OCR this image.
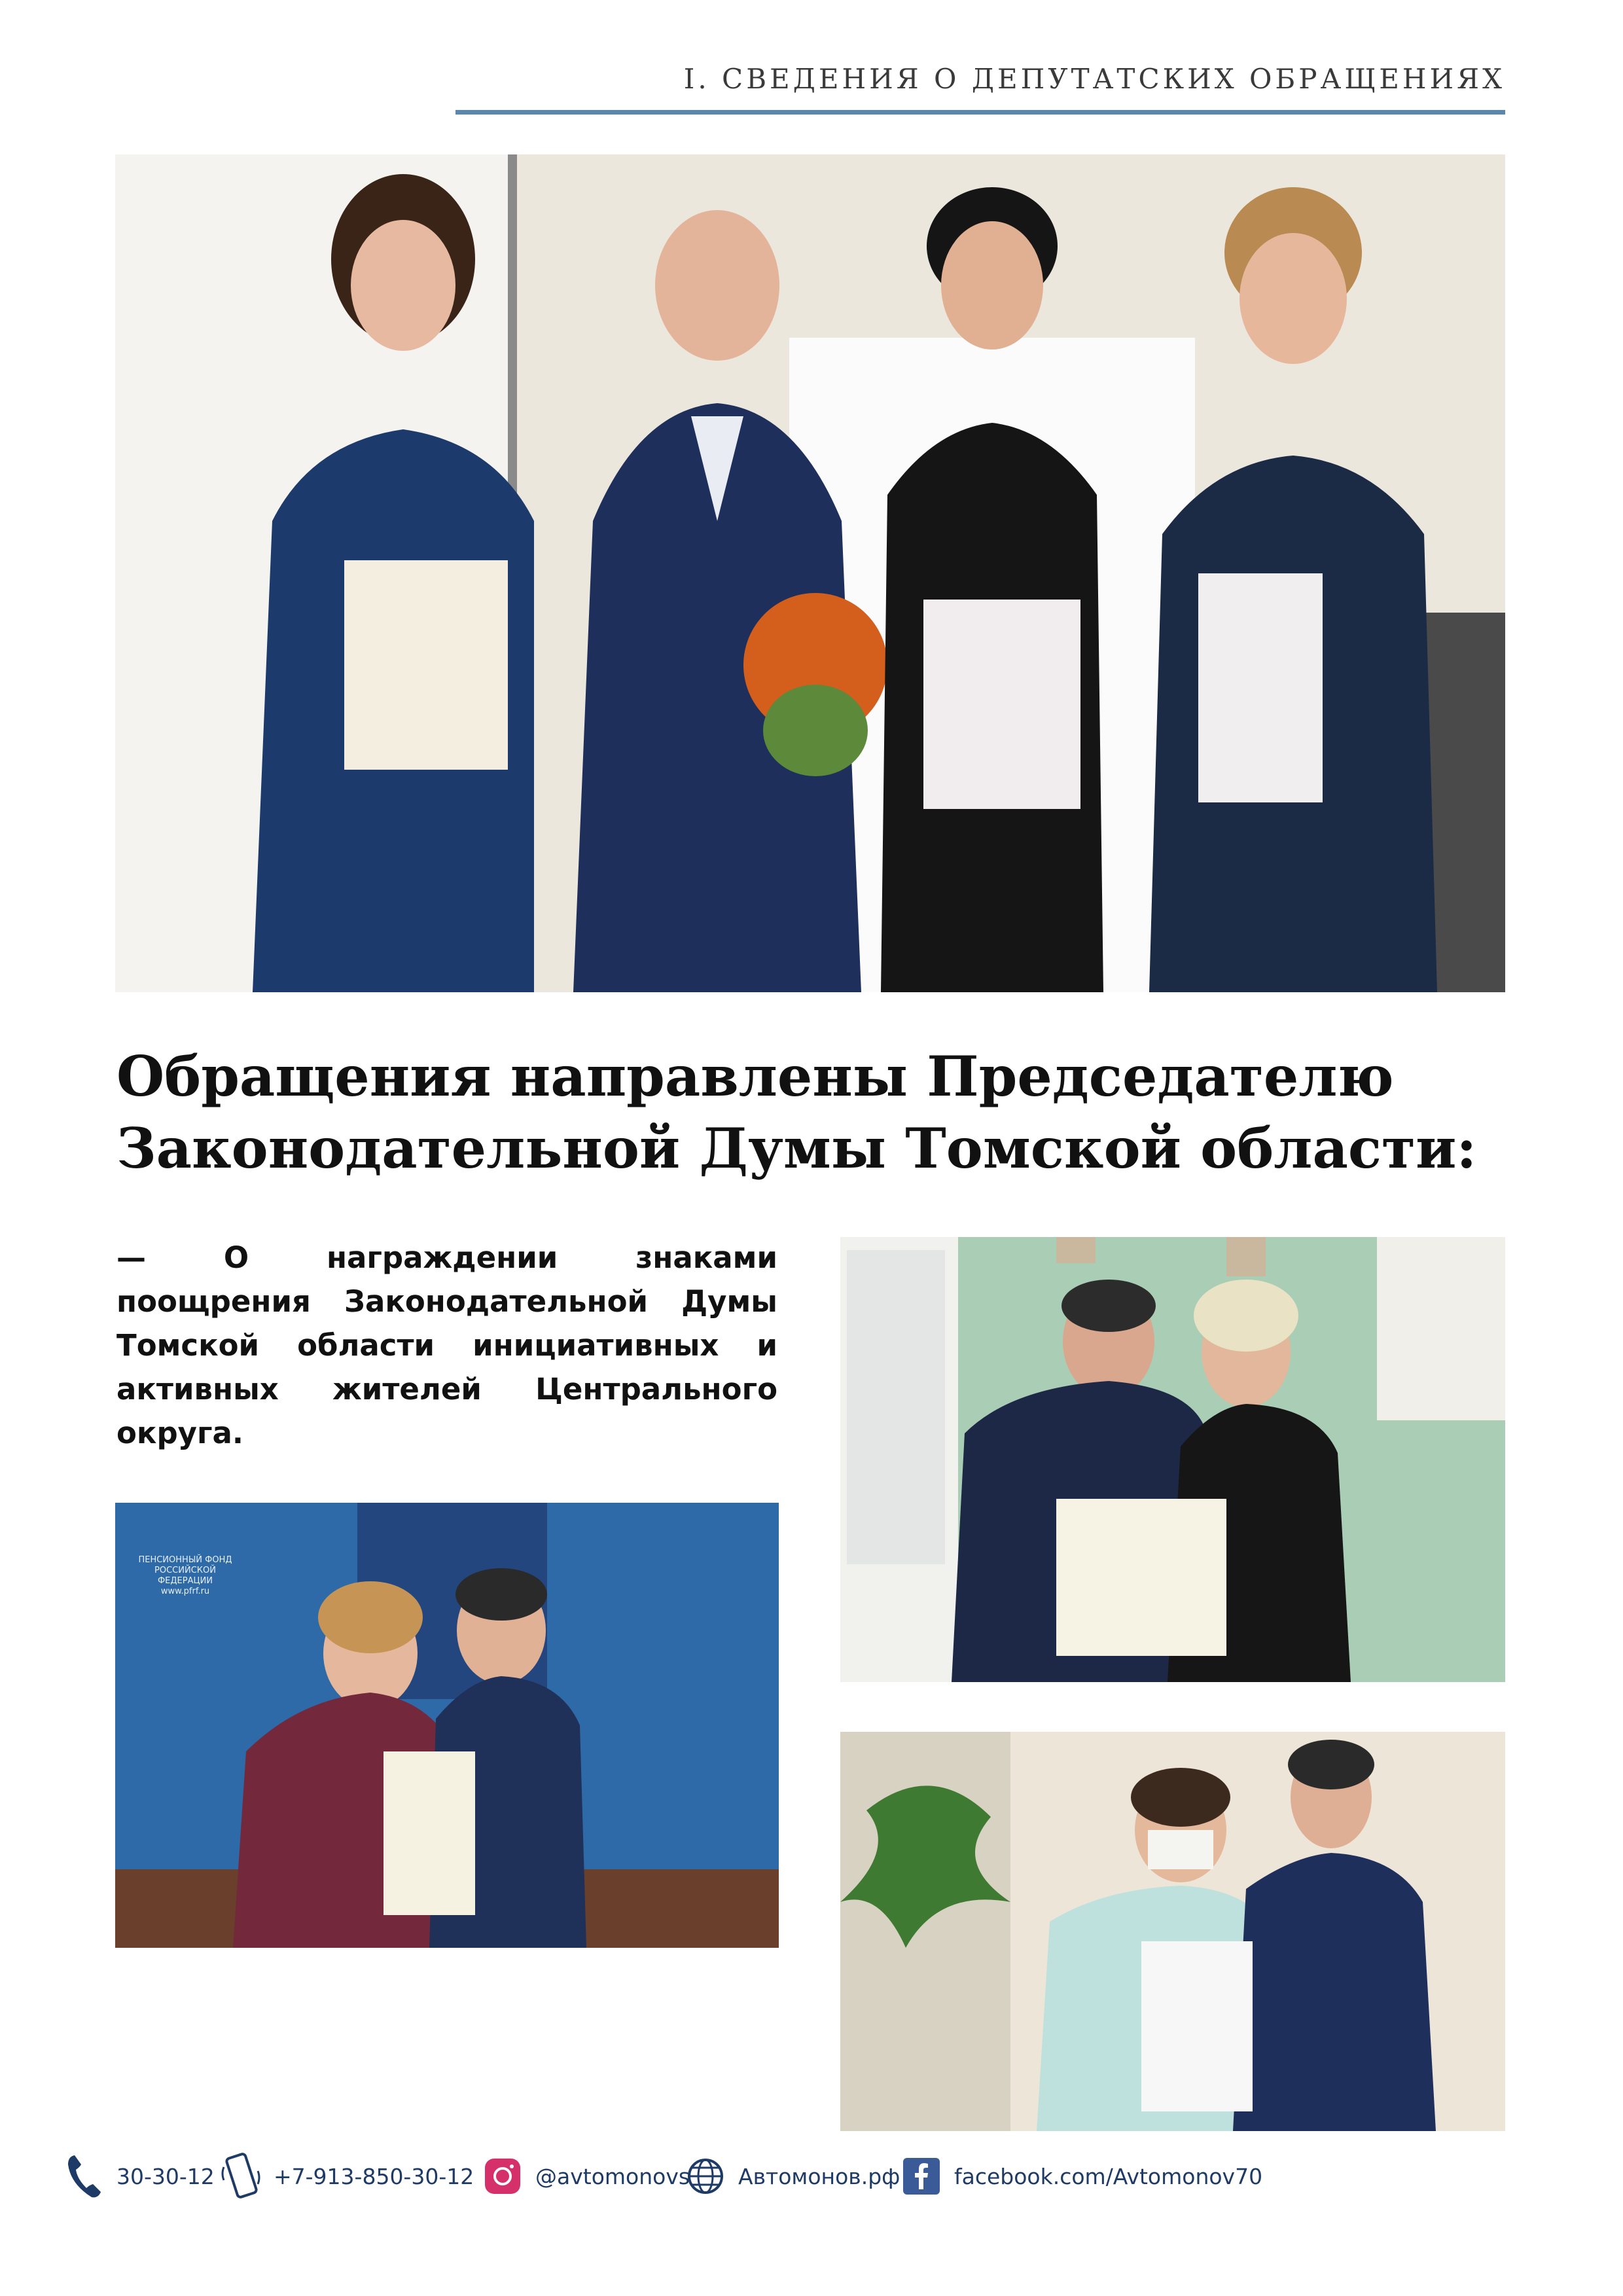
I. СВЕДЕНИЯ О ДЕПУТАТСКИХ ОБРАЩЕНИЯХ
Обращения направлены Председателю
Законодательной Думы Томской области:
— О награждении знаками поощрения Законодательной Думы Томской области инициативных и активных жителей Центрального округа.
ПЕНСИОННЫЙ ФОНД
РОССИЙСКОЙ ФЕДЕРАЦИИ
www.pfrf.ru
30-30-12	+7-913-850-30-12	@avtomonovs Автомонов.рф	facebook.com/Avtomonov70
